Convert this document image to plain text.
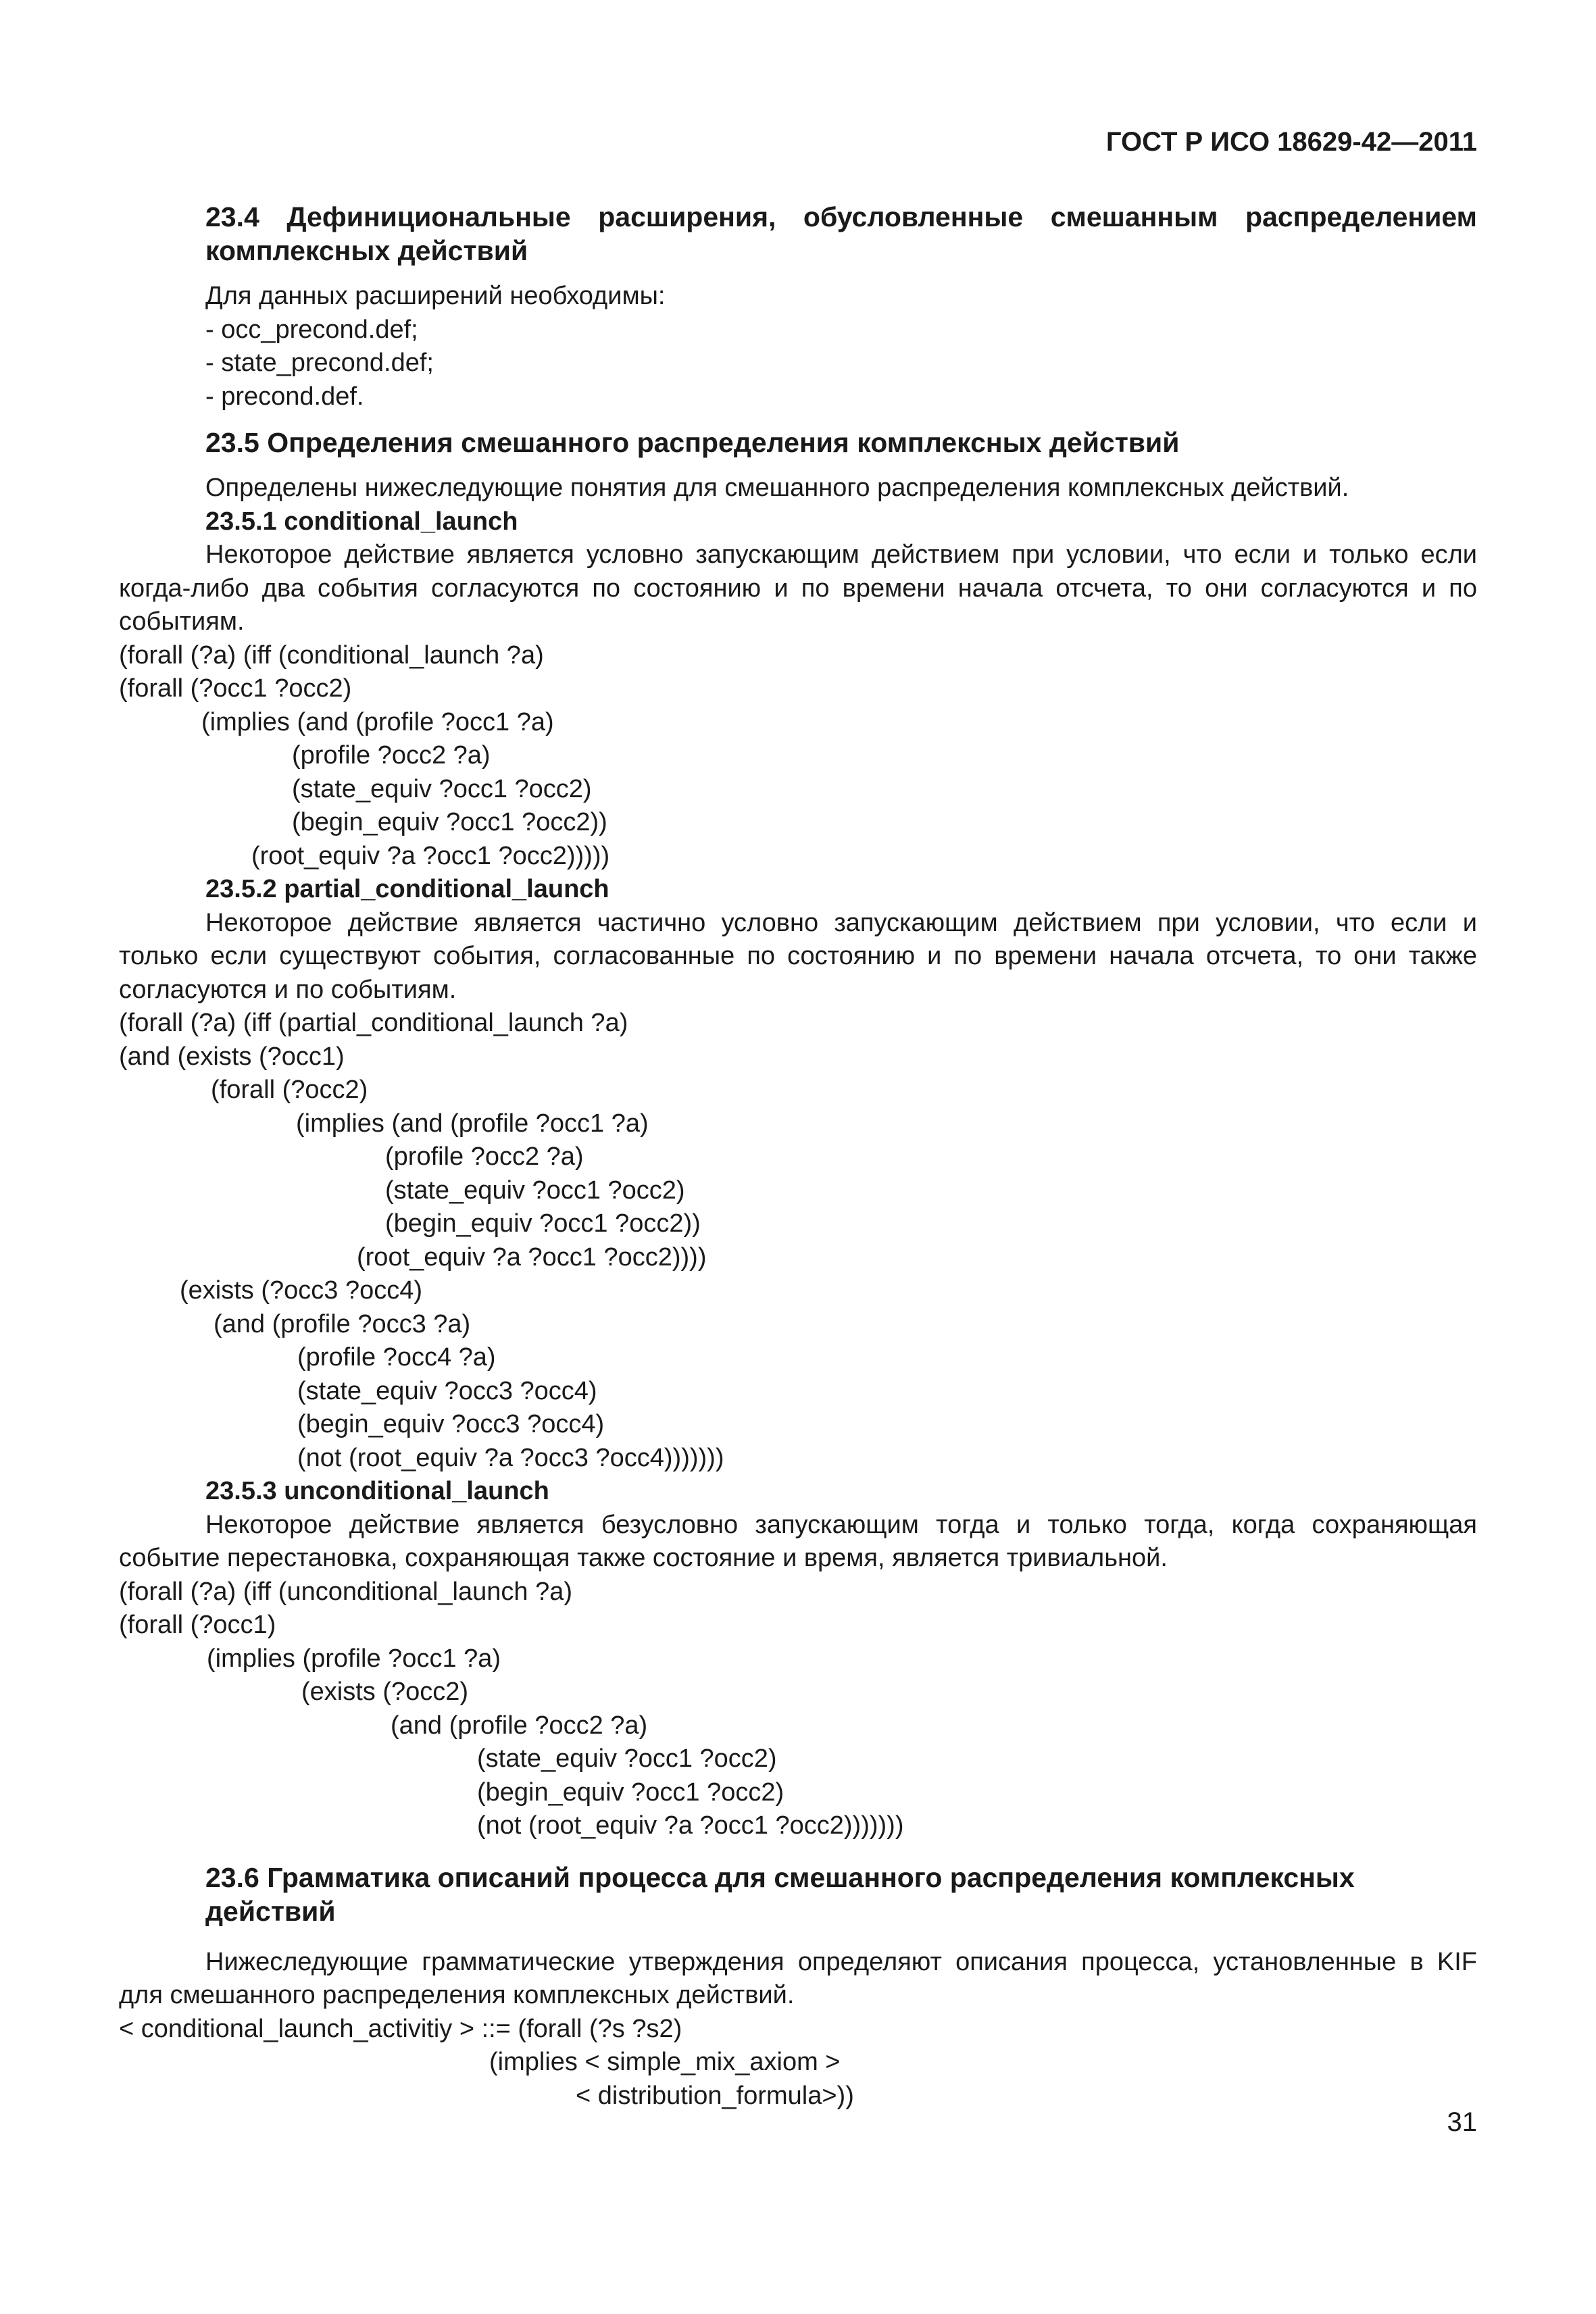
ГОСТ Р ИСО 18629-42—2011

23.4 Дефинициональные расширения, обусловленные смешанным распределением

комплексных действий

Для данных расширений необходимы:

- occ_precond.def;

- state_precond.def;

- precond.def.

23.5 Определения смешанного распределения комплексных действий

Определены нижеследующие понятия для смешанного распределения комплексных действий.

23.5.1 conditional_launch

Некоторое действие является условно запускающим действием при условии, что если и только если

когда-либо два события согласуются по состоянию и по времени начала отсчета, то они согласуются и по

событиям.

(forall (?a) (iff (conditional_launch ?a)

(forall (?occ1 ?occ2)

(implies (and (profile ?occ1 ?a)

(profile ?occ2 ?a)

(state_equiv ?occ1 ?occ2)

(begin_equiv ?occ1 ?occ2))

(root_equiv ?a ?occ1 ?occ2)))))

23.5.2 partial_conditional_launch

Некоторое действие является частично условно запускающим действием при условии, что если и

только если существуют события, согласованные по состоянию и по времени начала отсчета, то они также

согласуются и по событиям.

(forall (?a) (iff (partial_conditional_launch ?a)

(and (exists (?occ1)

(forall (?occ2)

(implies (and (profile ?occ1 ?a)

(profile ?occ2 ?a)

(state_equiv ?occ1 ?occ2)

(begin_equiv ?occ1 ?occ2))

(root_equiv ?a ?occ1 ?occ2))))

(exists (?occ3 ?occ4)

(and (profile ?occ3 ?a)

(profile ?occ4 ?a)

(state_equiv ?occ3 ?occ4)

(begin_equiv ?occ3 ?occ4)

(not (root_equiv ?a ?occ3 ?occ4)))))))

23.5.3 unconditional_launch

Некоторое действие является безусловно запускающим тогда и только тогда, когда сохраняющая

событие перестановка, сохраняющая также состояние и время, является тривиальной.

(forall (?a) (iff (unconditional_launch ?a)

(forall (?occ1)

(implies (profile ?occ1 ?a)

(exists (?occ2)

(and (profile ?occ2 ?a)

(state_equiv ?occ1 ?occ2)

(begin_equiv ?occ1 ?occ2)

(not (root_equiv ?a ?occ1 ?occ2)))))))

23.6 Грамматика описаний процесса для смешанного распределения комплексных действий

Нижеследующие грамматические утверждения определяют описания процесса, установленные в KIF

для смешанного распределения комплексных действий.

< conditional_launch_activitiy > ::= (forall (?s ?s2)

(implies < simple_mix_axiom >

< distribution_formula>))

31
